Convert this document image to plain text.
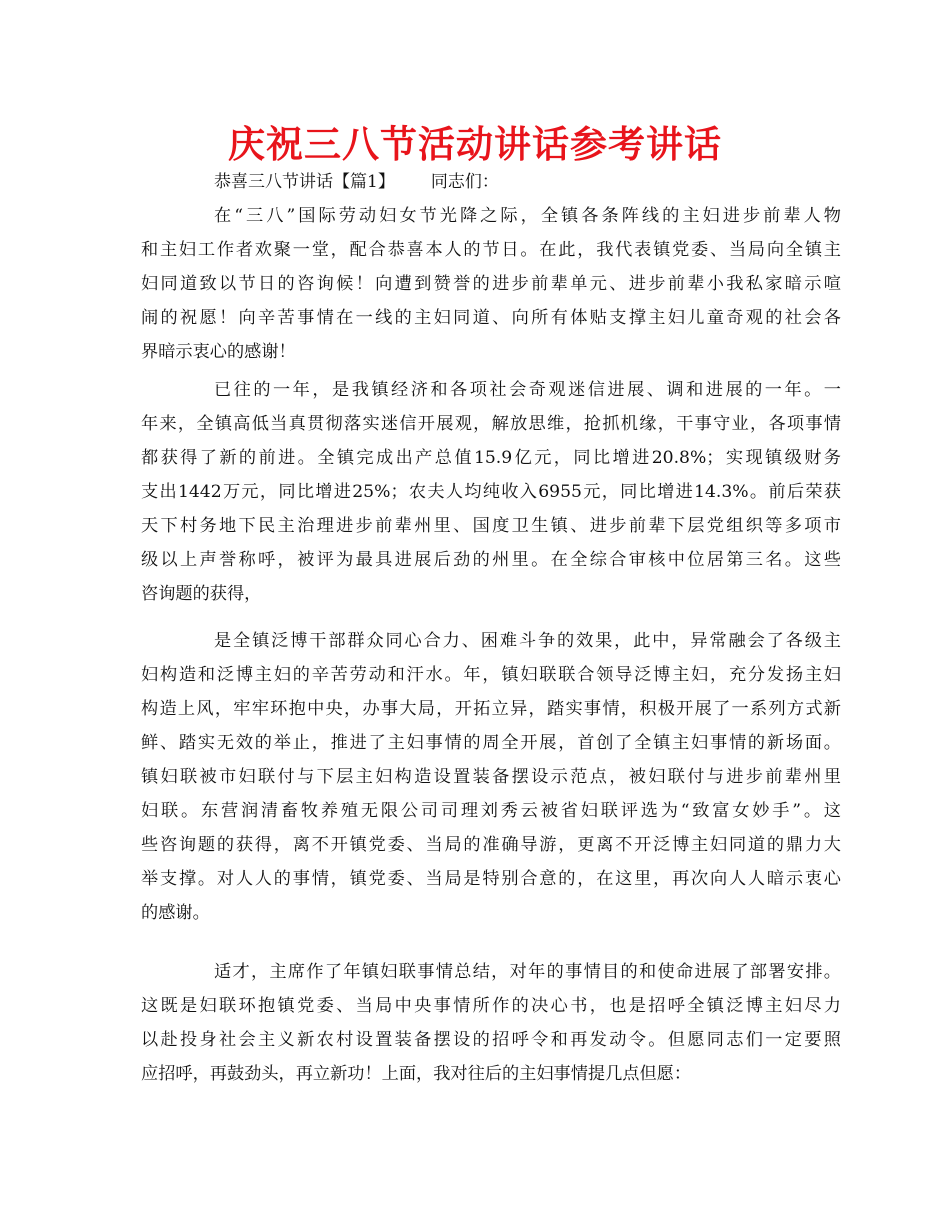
庆祝三八节活动讲话参考讲话
恭喜三八节讲话【篇1】 同志们：
在“三八”国际劳动妇女节光降之际，全镇各条阵线的主妇进步前辈人物
和主妇工作者欢聚一堂，配合恭喜本人的节日。在此，我代表镇党委、当局向全镇主
妇同道致以节日的咨询候！向遭到赞誉的进步前辈单元、进步前辈小我私家暗示喧
闹的祝愿！向辛苦事情在一线的主妇同道、向所有体贴支撑主妇儿童奇观的社会各
界暗示衷心的感谢！
已往的一年，是我镇经济和各项社会奇观迷信进展、调和进展的一年。一
年来，全镇高低当真贯彻落实迷信开展观，解放思维，抢抓机缘，干事守业，各项事情
都获得了新的前进。全镇完成出产总值15.9亿元，同比增进20.8%；实现镇级财务
支出1442万元，同比增进25%；农夫人均纯收入6955元，同比增进14.3%。前后荣获
天下村务地下民主治理进步前辈州里、国度卫生镇、进步前辈下层党组织等多项市
级以上声誉称呼，被评为最具进展后劲的州里。在全综合审核中位居第三名。这些
咨询题的获得，
是全镇泛博干部群众同心合力、困难斗争的效果，此中，异常融会了各级主
妇构造和泛博主妇的辛苦劳动和汗水。年，镇妇联联合领导泛博主妇，充分发扬主妇
构造上风，牢牢环抱中央，办事大局，开拓立异，踏实事情，积极开展了一系列方式新
鲜、踏实无效的举止，推进了主妇事情的周全开展，首创了全镇主妇事情的新场面。
镇妇联被市妇联付与下层主妇构造设置装备摆设示范点，被妇联付与进步前辈州里
妇联。东营润清畜牧养殖无限公司司理刘秀云被省妇联评选为“致富女妙手”。这
些咨询题的获得，离不开镇党委、当局的准确导游，更离不开泛博主妇同道的鼎力大
举支撑。对人人的事情，镇党委、当局是特别合意的，在这里，再次向人人暗示衷心
的感谢。
适才，主席作了年镇妇联事情总结，对年的事情目的和使命进展了部署安排。
这既是妇联环抱镇党委、当局中央事情所作的决心书，也是招呼全镇泛博主妇尽力
以赴投身社会主义新农村设置装备摆设的招呼令和再发动令。但愿同志们一定要照
应招呼，再鼓劲头，再立新功！上面，我对往后的主妇事情提几点但愿：
